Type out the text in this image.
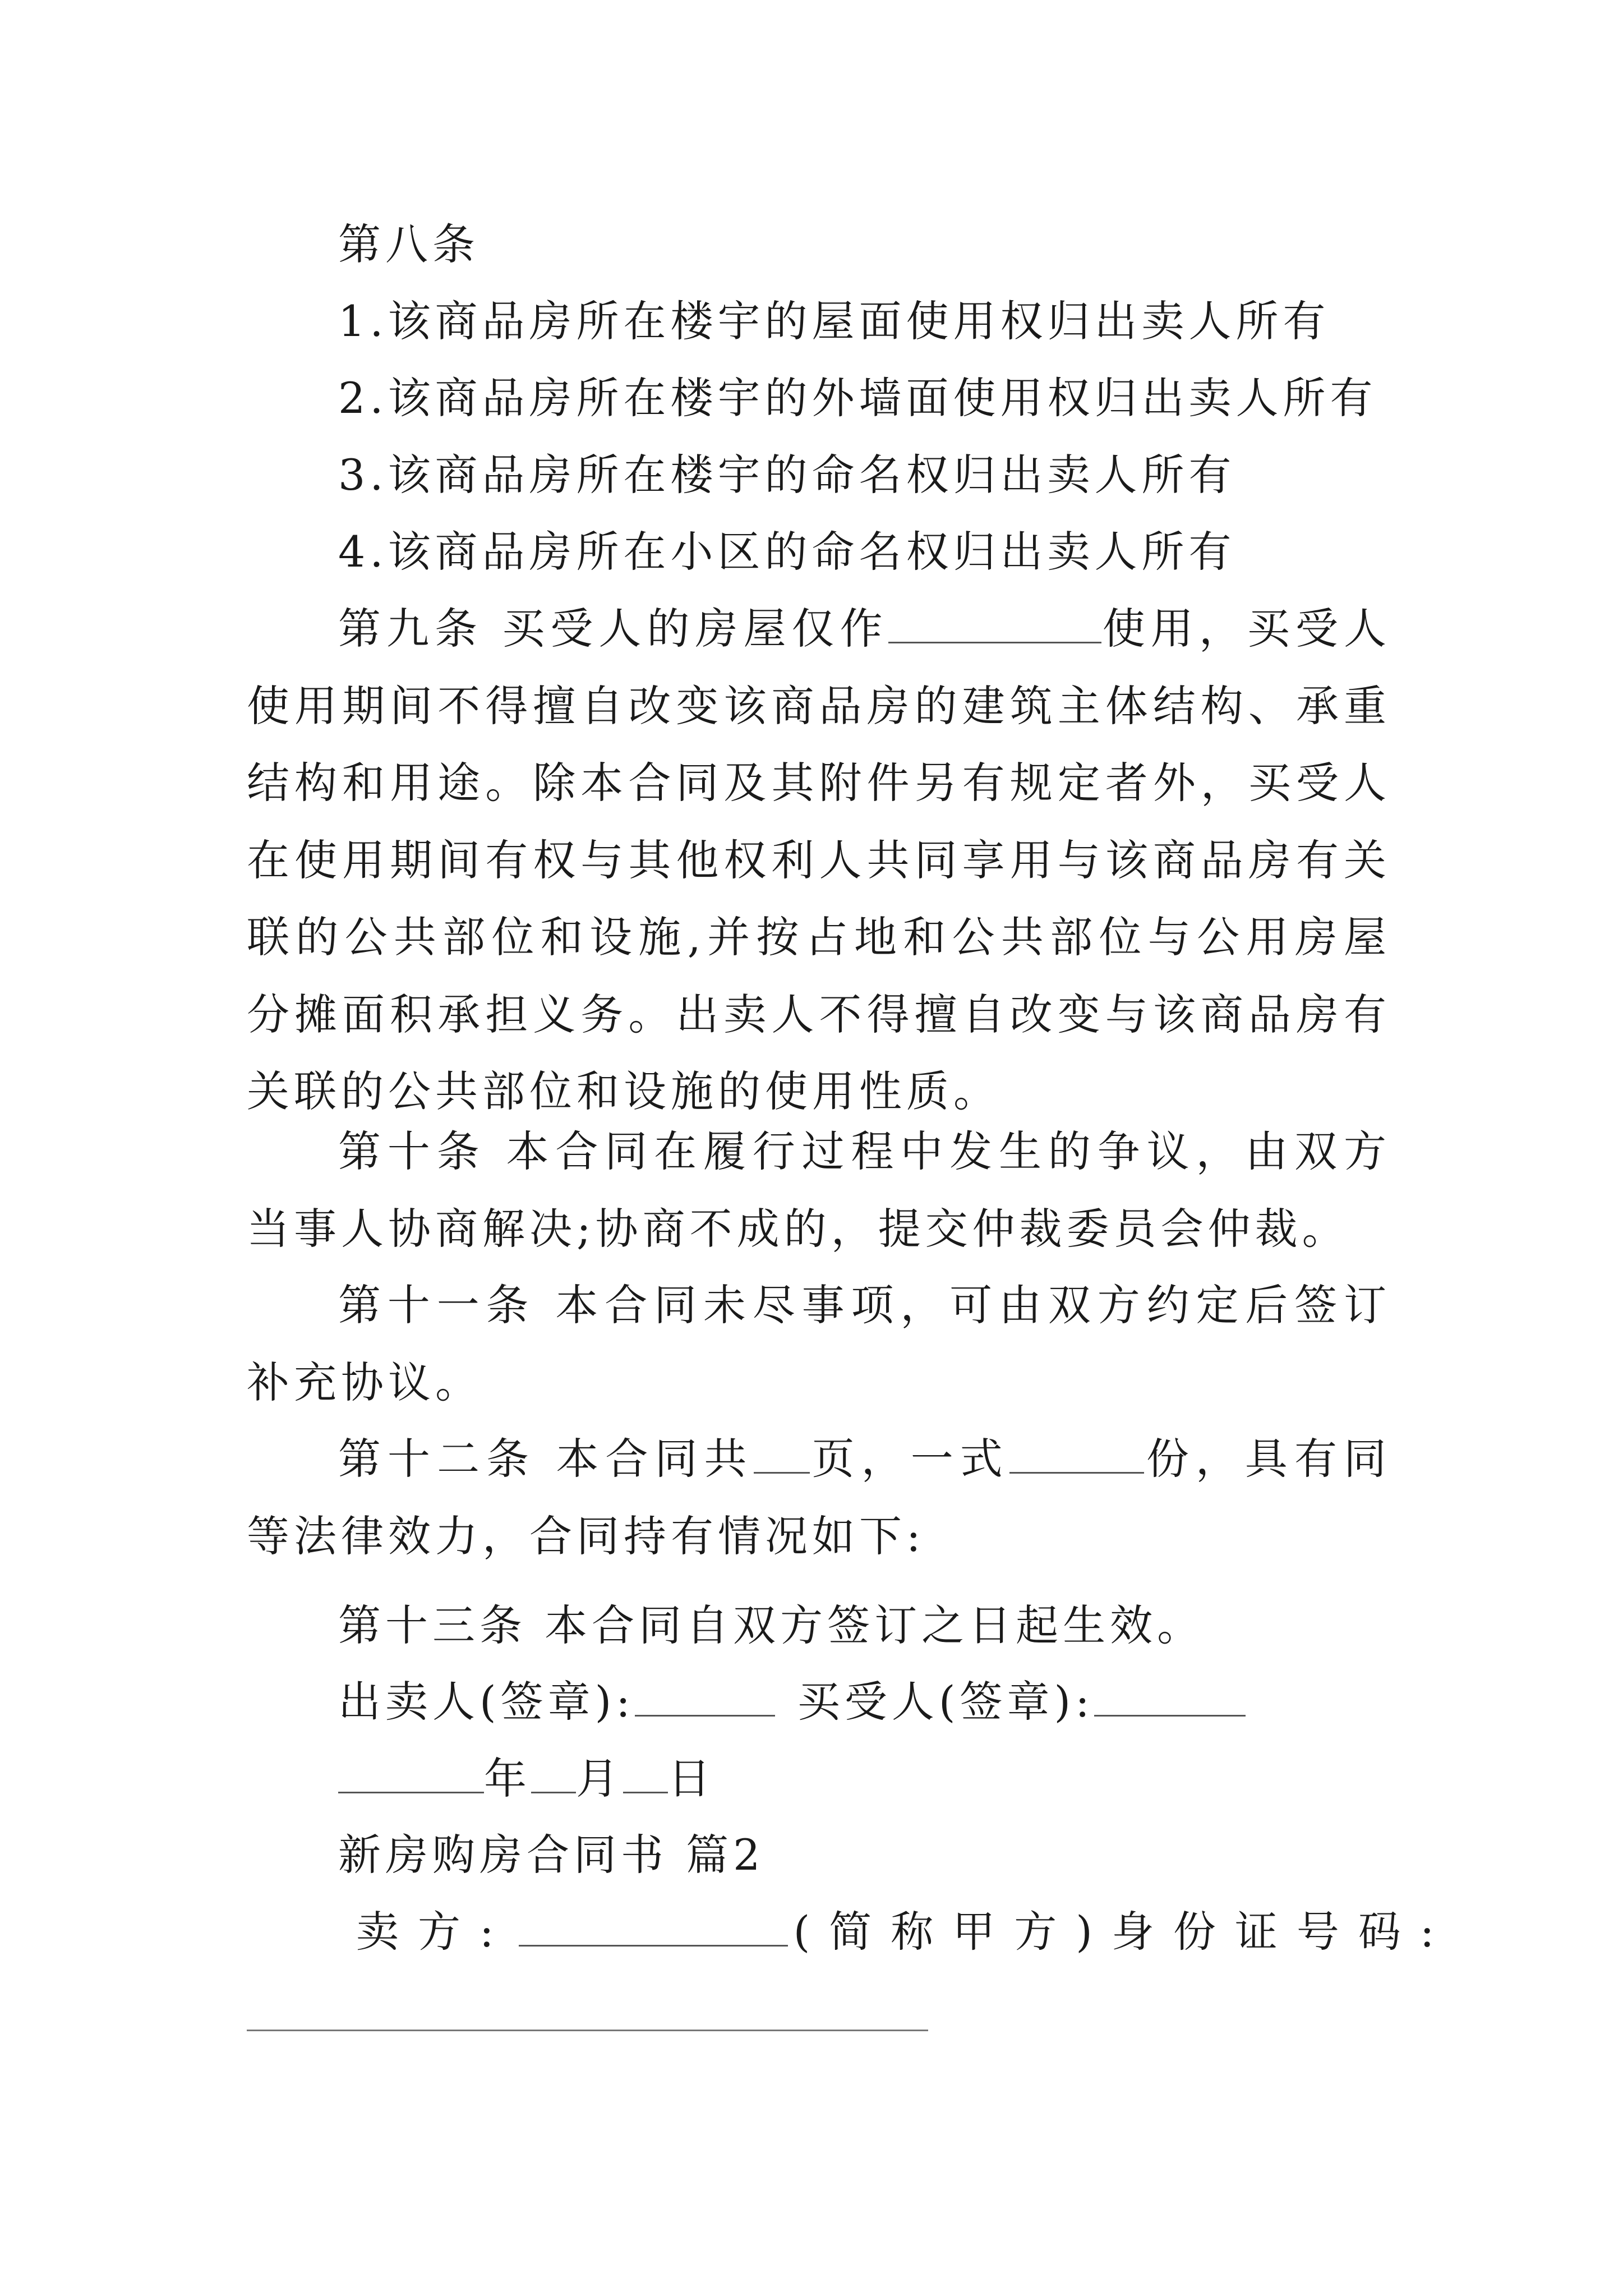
第八条

1.该商品房所在楼宇的屋面使用权归出卖人所有

2.该商品房所在楼宇的外墙面使用权归出卖人所有

3.该商品房所在楼宇的命名权归出卖人所有

4.该商品房所在小区的命名权归出卖人所有

第九条 买受人的房屋仅作	使用，买受人使用期间不得擅自改变该商品房的建筑主体结构、承重结构和用途。除本合同及其附件另有规定者外，买受人在使用期间有权与其他权利人共同享用与该商品房有关联的公共部位和设施,并按占地和公共部位与公用房屋分摊面积承担义务。出卖人不得擅自改变与该商品房有关联的公共部位和设施的使用性质。

第十条 本合同在履行过程中发生的争议，由双方当事人协商解决;协商不成的，提交仲裁委员会仲裁。

第十一条 本合同未尽事项，可由双方约定后签订补充协议。

第十二条 本合同共 页，一式	份，具有同等法律效力，合同持有情况如下:

第十三条 本合同自双方签订之日起生效。

出卖人(签章):	买受人(签章):

年 月 日

新房购房合同书 篇2

卖方:	(简称甲方)身份证号码:
